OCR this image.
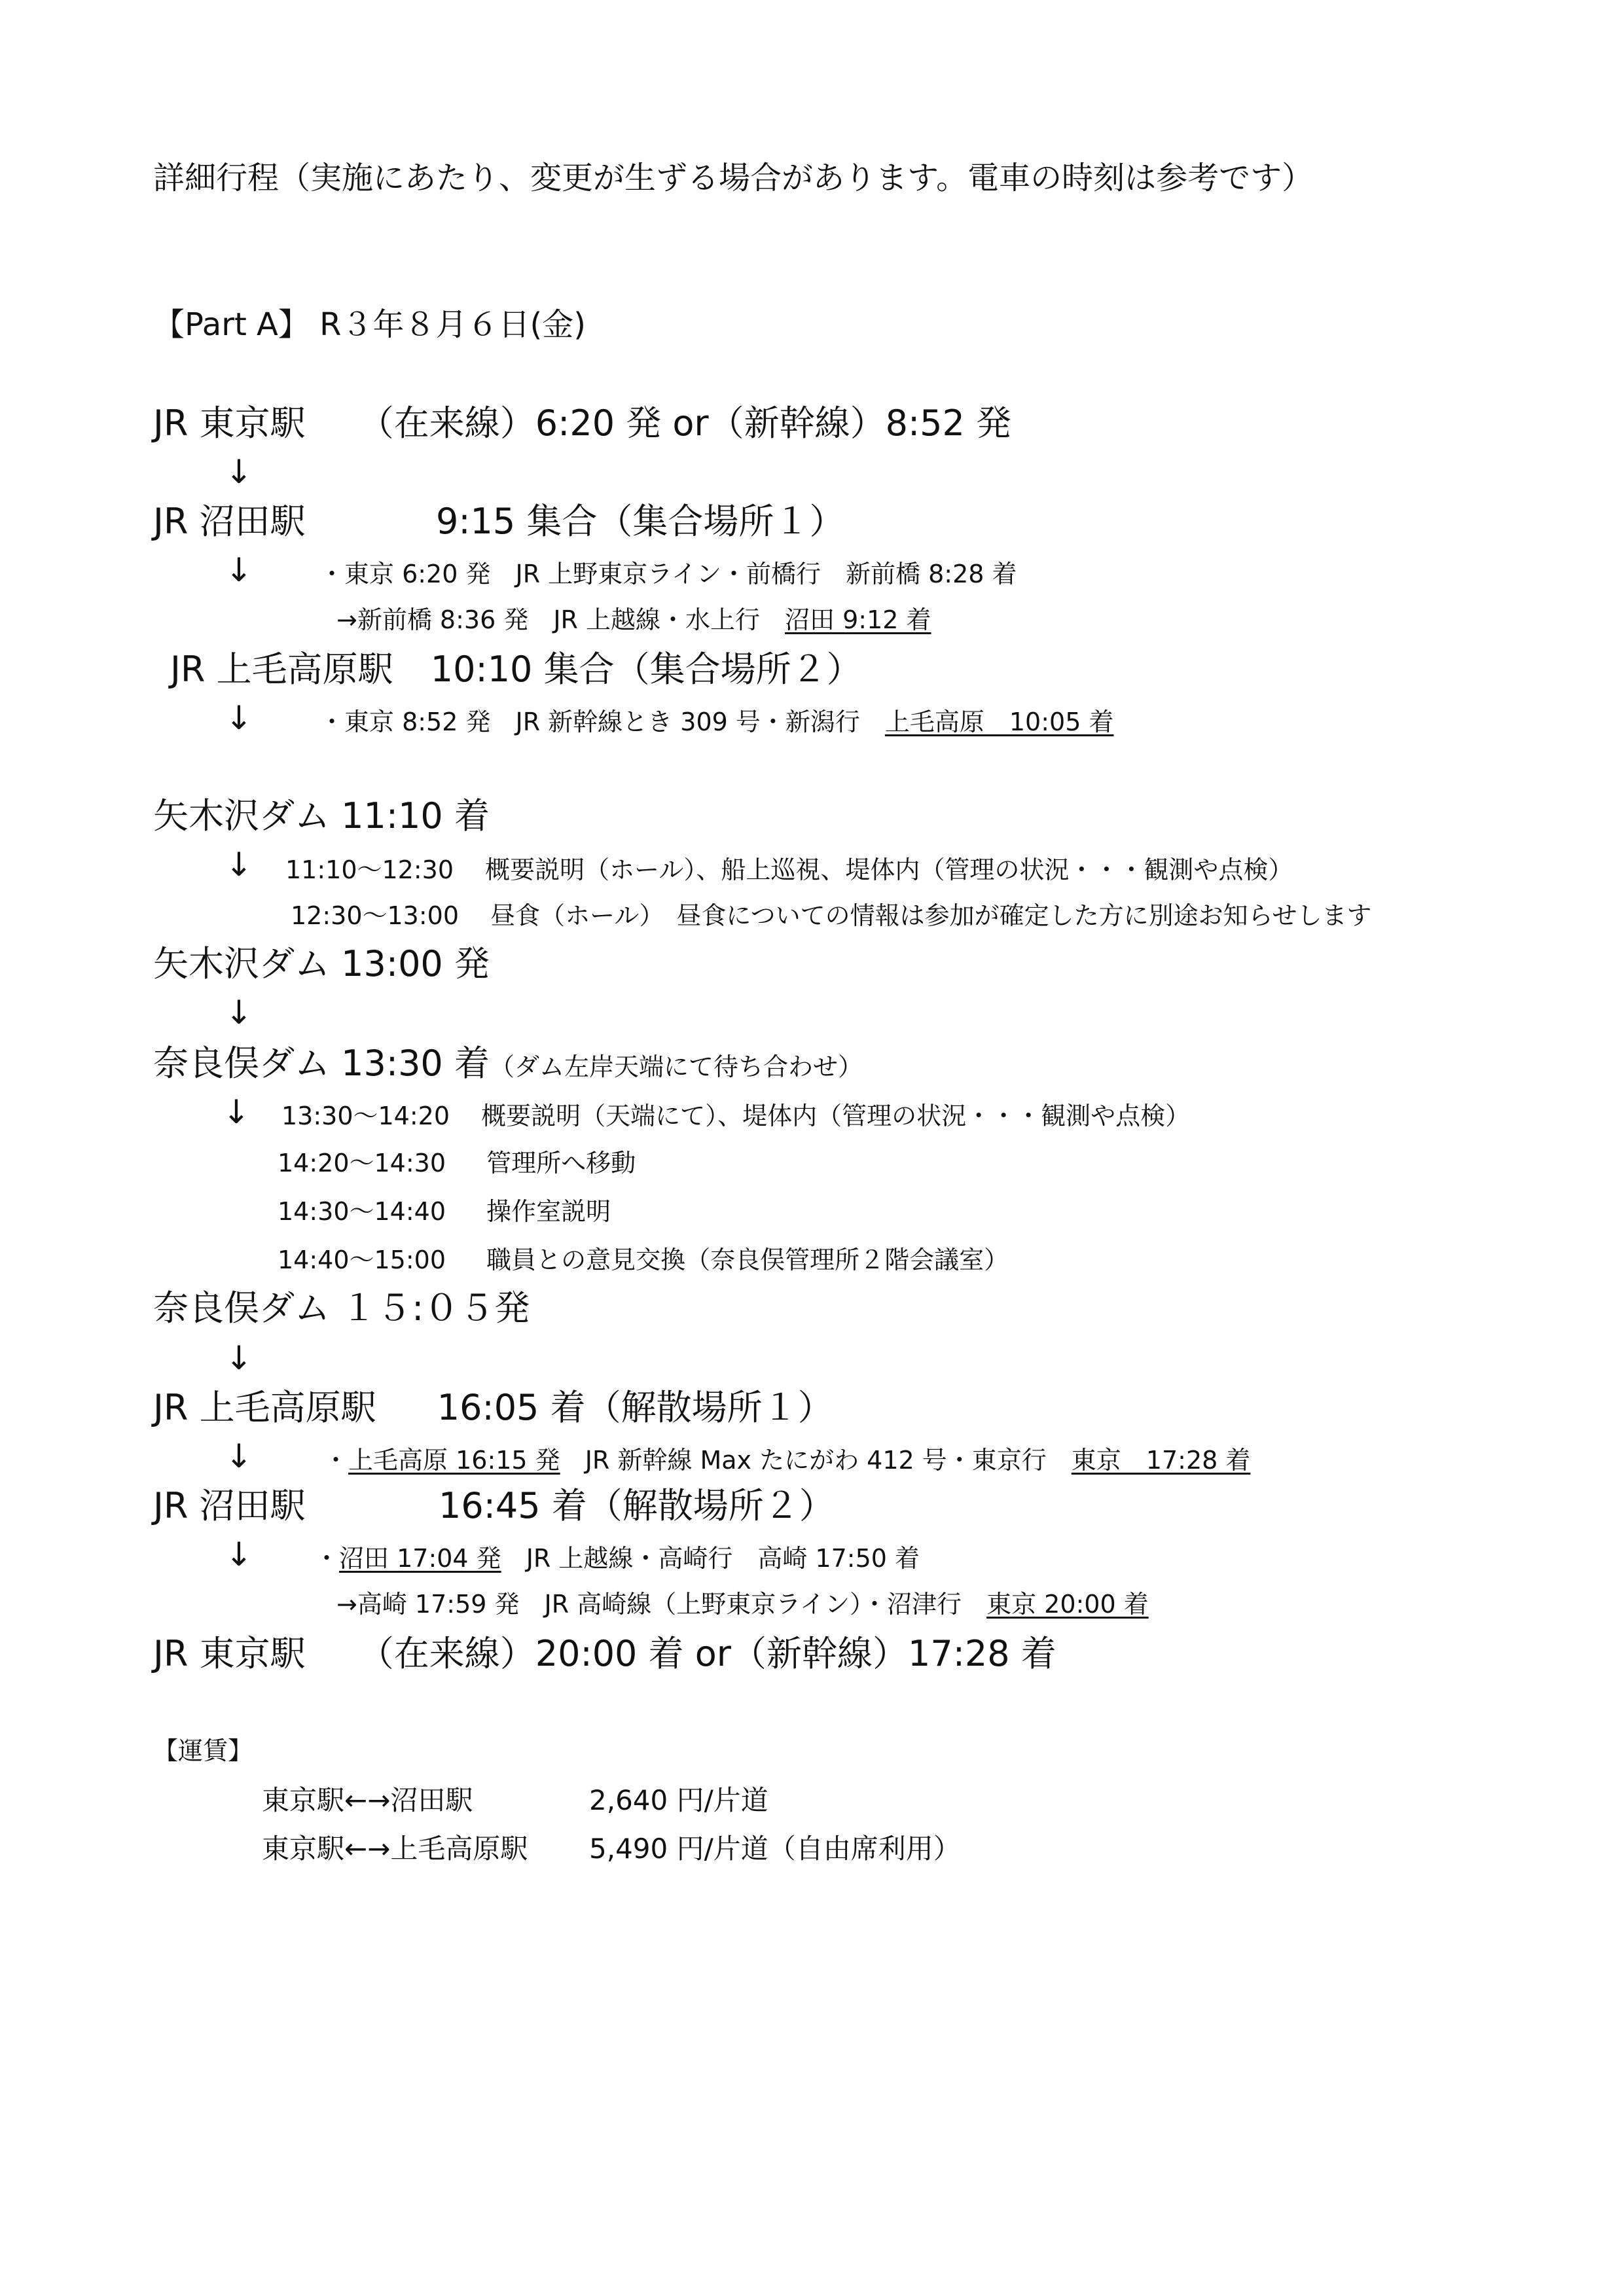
詳細行程（実施にあたり、変更が生ずる場合があります。電車の時刻は参考です）
【Part A】 R３年８月６日(金)
JR 東京駅 （在来線）6:20 発 or（新幹線）8:52 発
↓
JR 沼田駅	9:15 集合（集合場所１）
↓	・東京 6:20 発　JR 上野東京ライン・前橋行　新前橋 8:28 着
→新前橋 8:36 発　JR 上越線・水上行　沼田 9:12 着
JR 上毛高原駅 10:10 集合（集合場所２）
↓	・東京 8:52 発　JR 新幹線とき 309 号・新潟行　上毛高原　10:05 着
矢木沢ダム 11:10 着
↓ 11:10～12:30 概要説明（ホール）、船上巡視、堤体内（管理の状況・・・観測や点検）
12:30～13:00 昼食（ホール）　昼食についての情報は参加が確定した方に別途お知らせします
矢木沢ダム 13:00 発
↓
奈良俣ダム 13:30 着（ダム左岸天端にて待ち合わせ）
↓ 13:30～14:20 概要説明（天端にて）、堤体内（管理の状況・・・観測や点検）
14:20～14:30 管理所へ移動
14:30～14:40 操作室説明
14:40～15:00 職員との意見交換（奈良俣管理所２階会議室）
奈良俣ダム １５:０５発
↓
JR 上毛高原駅 16:05 着（解散場所１）
↓	・上毛高原 16:15 発　JR 新幹線 Max たにがわ 412 号・東京行　東京　17:28 着
JR 沼田駅	16:45 着（解散場所２）
↓ ・沼田 17:04 発　JR 上越線・高崎行　高崎 17:50 着
→高崎 17:59 発　JR 高崎線（上野東京ライン）・沼津行　東京 20:00 着
JR 東京駅 （在来線）20:00 着 or（新幹線）17:28 着
【運賃】
東京駅←→沼田駅	2,640 円/片道
東京駅←→上毛高原駅 5,490 円/片道（自由席利用）
